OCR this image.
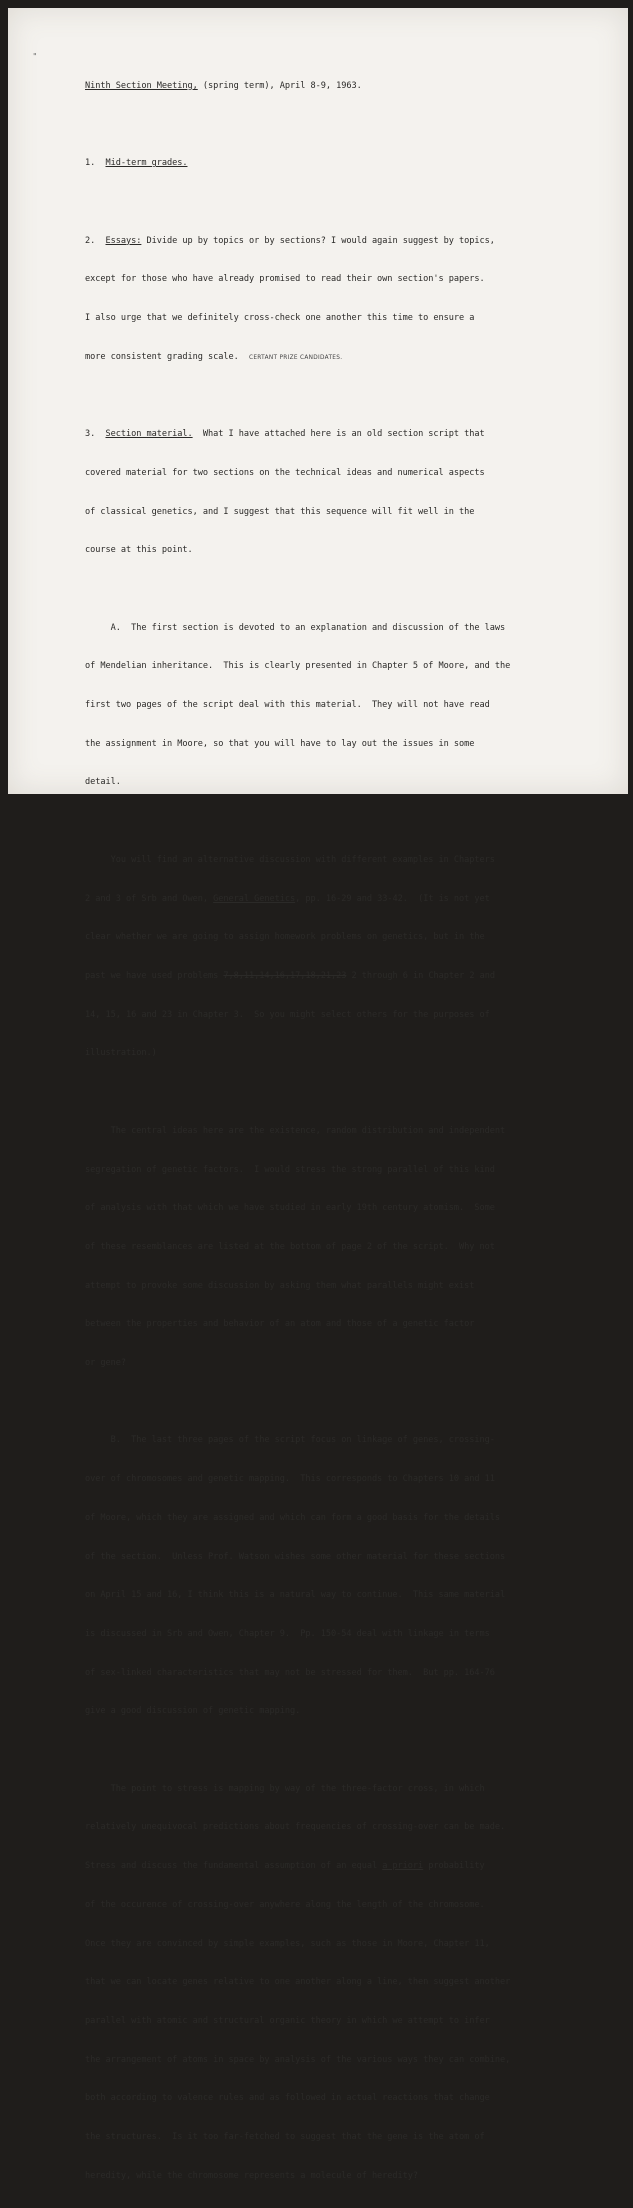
"

Ninth Section Meeting, (spring term), April 8-9, 1963.

1. Mid-term grades.

2. Essays: Divide up by topics or by sections? I would again suggest by topics,

except for those who have already promised to read their own section's papers.

I also urge that we definitely cross-check one another this time to ensure a

more consistent grading scale. CERTANT PRIZE CANDIDATES.

3. Section material. What I have attached here is an old section script that

covered material for two sections on the technical ideas and numerical aspects

of classical genetics, and I suggest that this sequence will fit well in the

course at this point.

A.  The first section is devoted to an explanation and discussion of the laws

of Mendelian inheritance.  This is clearly presented in Chapter 5 of Moore, and the

first two pages of the script deal with this material.  They will not have read

the assignment in Moore, so that you will have to lay out the issues in some

detail.

You will find an alternative discussion with different examples in Chapters

2 and 3 of Srb and Owen, General Genetics, pp. 16-29 and 33-42.  (It is not yet

clear whether we are going to assign homework problems on genetics, but in the

past we have used problems 7,8,11,14,16,17,18,21,23 2 through 6 in Chapter 2 and

14, 15, 16 and 23 in Chapter 3.  So you might select others for the purposes of

illustration.)

The central ideas here are the existence, random distribution and independent

segregation of genetic factors.  I would stress the strong parallel of this kind

of analysis with that which we have studied in early 19th century atomism.  Some

of these resemblances are listed at the bottom of page 2 of the script.  Why not

attempt to provoke some discussion by asking them what parallels might exist

between the properties and behavior of an atom and those of a genetic factor

or gene?

B.  The last three pages of the script focus on linkage of genes, crossing-

over of chromosomes and genetic mapping.  This corresponds to Chapters 10 and 11

of Moore, which they are assigned and which can form a good basis for the details

of the section.  Unless Prof. Watson wishes some other material for these sections

on April 15 and 16, I think this is a natural way to continue.  This same material

is discussed in Srb and Owen, Chapter 9.  Pp. 150-54 deal with linkage in terms

of sex-linked characteristics that may not be stressed for them.  But pp. 164-76

give a good discussion of genetic mapping.

The point to stress is mapping by way of the three-factor cross, in which

relatively unequivocal predictions about frequencies of crossing-over can be made.

Stress and discuss the fundamental assumption of an equal a priori probability

of the occurence of crossing-over anywhere along the length of the chromosome.

Once they are convinced by simple examples, such as those in Moore, Chapter 11,

that we can locate genes relative to one another along a line, then suggest another

parallel with atomic and structural organic theory in which we attempt to infer

the arrangement of atoms in space by analysis of the various ways they can combine,

both according to valence rules and as followed in actual reactions that change

the structures.  Is it too far-fetched to suggest that the gene is the atom of

heredity, while the chromosome represents a molecule of heredity?
